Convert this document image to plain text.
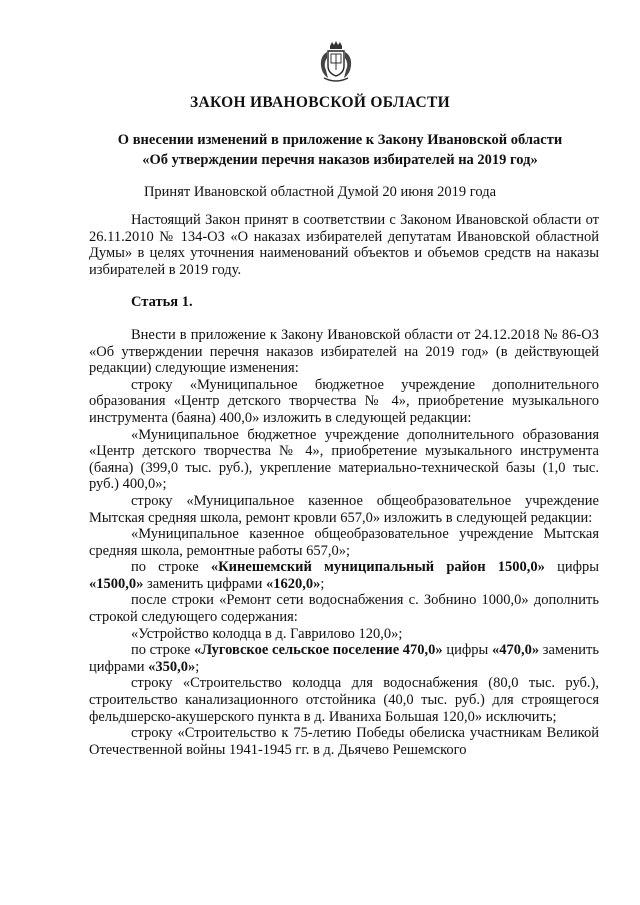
ЗАКОН ИВАНОВСКОЙ ОБЛАСТИ
О внесении изменений в приложение к Закону Ивановской области
«Об утверждении перечня наказов избирателей на 2019 год»
Принят Ивановской областной Думой 20 июня 2019 года

Настоящий Закон принят в соответствии с Законом Ивановской области от 26.11.2010 № 134-ОЗ «О наказах избирателей депутатам Ивановской областной Думы» в целях уточнения наименований объектов и объемов средств на наказы избирателей в 2019 году.

Статья 1.

Внести в приложение к Закону Ивановской области от 24.12.2018 № 86-ОЗ «Об утверждении перечня наказов избирателей на 2019 год» (в действующей редакции) следующие изменения:

строку «Муниципальное бюджетное учреждение дополнительного образования «Центр детского творчества № 4», приобретение музыкального инструмента (баяна) 400,0» изложить в следующей редакции:

«Муниципальное бюджетное учреждение дополнительного образования «Центр детского творчества № 4», приобретение музыкального инструмента (баяна) (399,0 тыс. руб.), укрепление материально-технической базы (1,0 тыс. руб.) 400,0»;

строку «Муниципальное казенное общеобразовательное учреждение Мытская средняя школа, ремонт кровли 657,0» изложить в следующей редакции:

«Муниципальное казенное общеобразовательное учреждение Мытская средняя школа, ремонтные работы 657,0»;

по строке «Кинешемский муниципальный район 1500,0» цифры «1500,0» заменить цифрами «1620,0»;

после строки «Ремонт сети водоснабжения с. Зобнино 1000,0» дополнить строкой следующего содержания:

«Устройство колодца в д. Гаврилово 120,0»;

по строке «Луговское сельское поселение 470,0» цифры «470,0» заменить цифрами «350,0»;

строку «Строительство колодца для водоснабжения (80,0 тыс. руб.), строительство канализационного отстойника (40,0 тыс. руб.) для строящегося фельдшерско-акушерского пункта в д. Иваниха Большая 120,0» исключить;

строку «Строительство к 75-летию Победы обелиска участникам Великой Отечественной войны 1941-1945 гг. в д. Дьячево Решемского
